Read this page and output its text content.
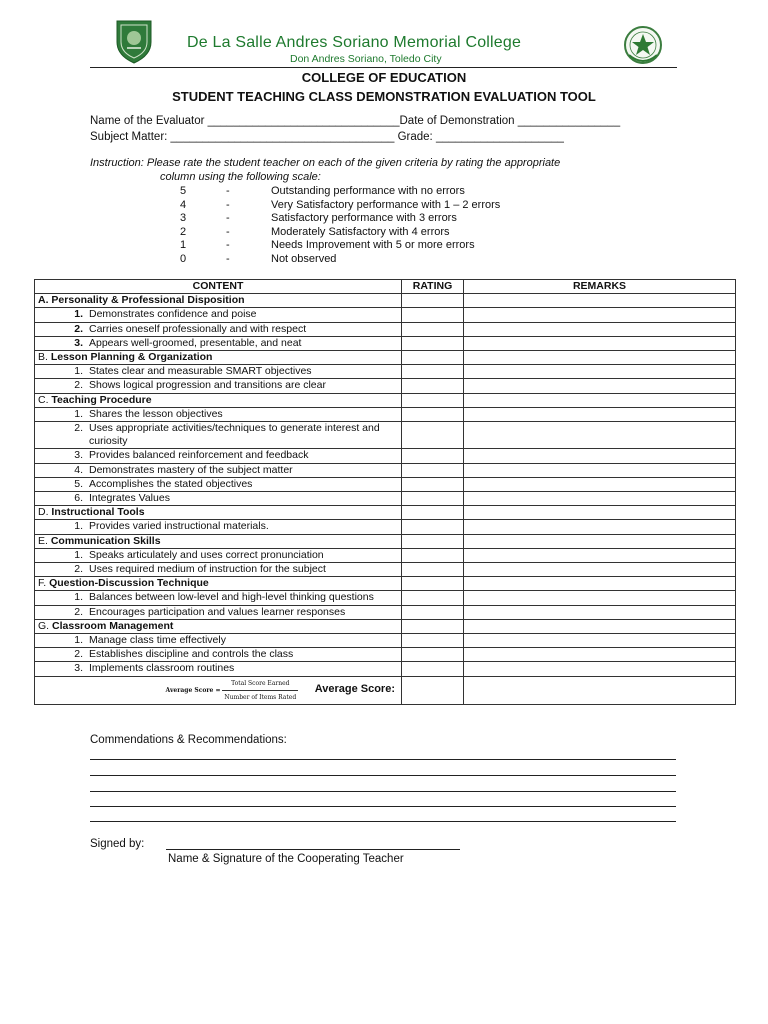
De La Salle Andres Soriano Memorial College
Don Andres Soriano, Toledo City
COLLEGE OF EDUCATION
STUDENT TEACHING CLASS DEMONSTRATION EVALUATION TOOL
Name of the Evaluator ______________________________Date of Demonstration ________________
Subject Matter: ___________________________________ Grade: ____________________
Instruction: Please rate the student teacher on each of the given criteria by rating the appropriate
column using the following scale:
5	-	Outstanding performance with no errors
4	-	Very Satisfactory performance with 1 – 2 errors
3	-	Satisfactory performance with 3 errors
2	-	Moderately Satisfactory with 4 errors
1	-	Needs Improvement with 5 or more errors
0	-	Not observed
CONTENT	RATING	REMARKS
A. Personality & Professional Disposition		
1. Demonstrates confidence and poise		
2. Carries oneself professionally and with respect		
3. Appears well-groomed, presentable, and neat		
B. Lesson Planning & Organization		
1. States clear and measurable SMART objectives		
2. Shows logical progression and transitions are clear		
C. Teaching Procedure		
1. Shares the lesson objectives		
2. Uses appropriate activities/techniques to generate interest and curiosity		
3. Provides balanced reinforcement and feedback		
4. Demonstrates mastery of the subject matter		
5. Accomplishes the stated objectives		
6. Integrates Values		
D. Instructional Tools		
1. Provides varied instructional materials.		
E. Communication Skills		
1. Speaks articulately and uses correct pronunciation		
2. Uses required medium of instruction for the subject		
F. Question-Discussion Technique		
1. Balances between low-level and high-level thinking questions		
2. Encourages participation and values learner responses		
G. Classroom Management		
1. Manage class time effectively		
2. Establishes discipline and controls the class		
3. Implements classroom routines		
Average Score = $\frac{\text{Total Score Earned}}{\text{Number of Items Rated}}$ Average Score:		
Commendations & Recommendations:
Signed by:
Name & Signature of the Cooperating Teacher
